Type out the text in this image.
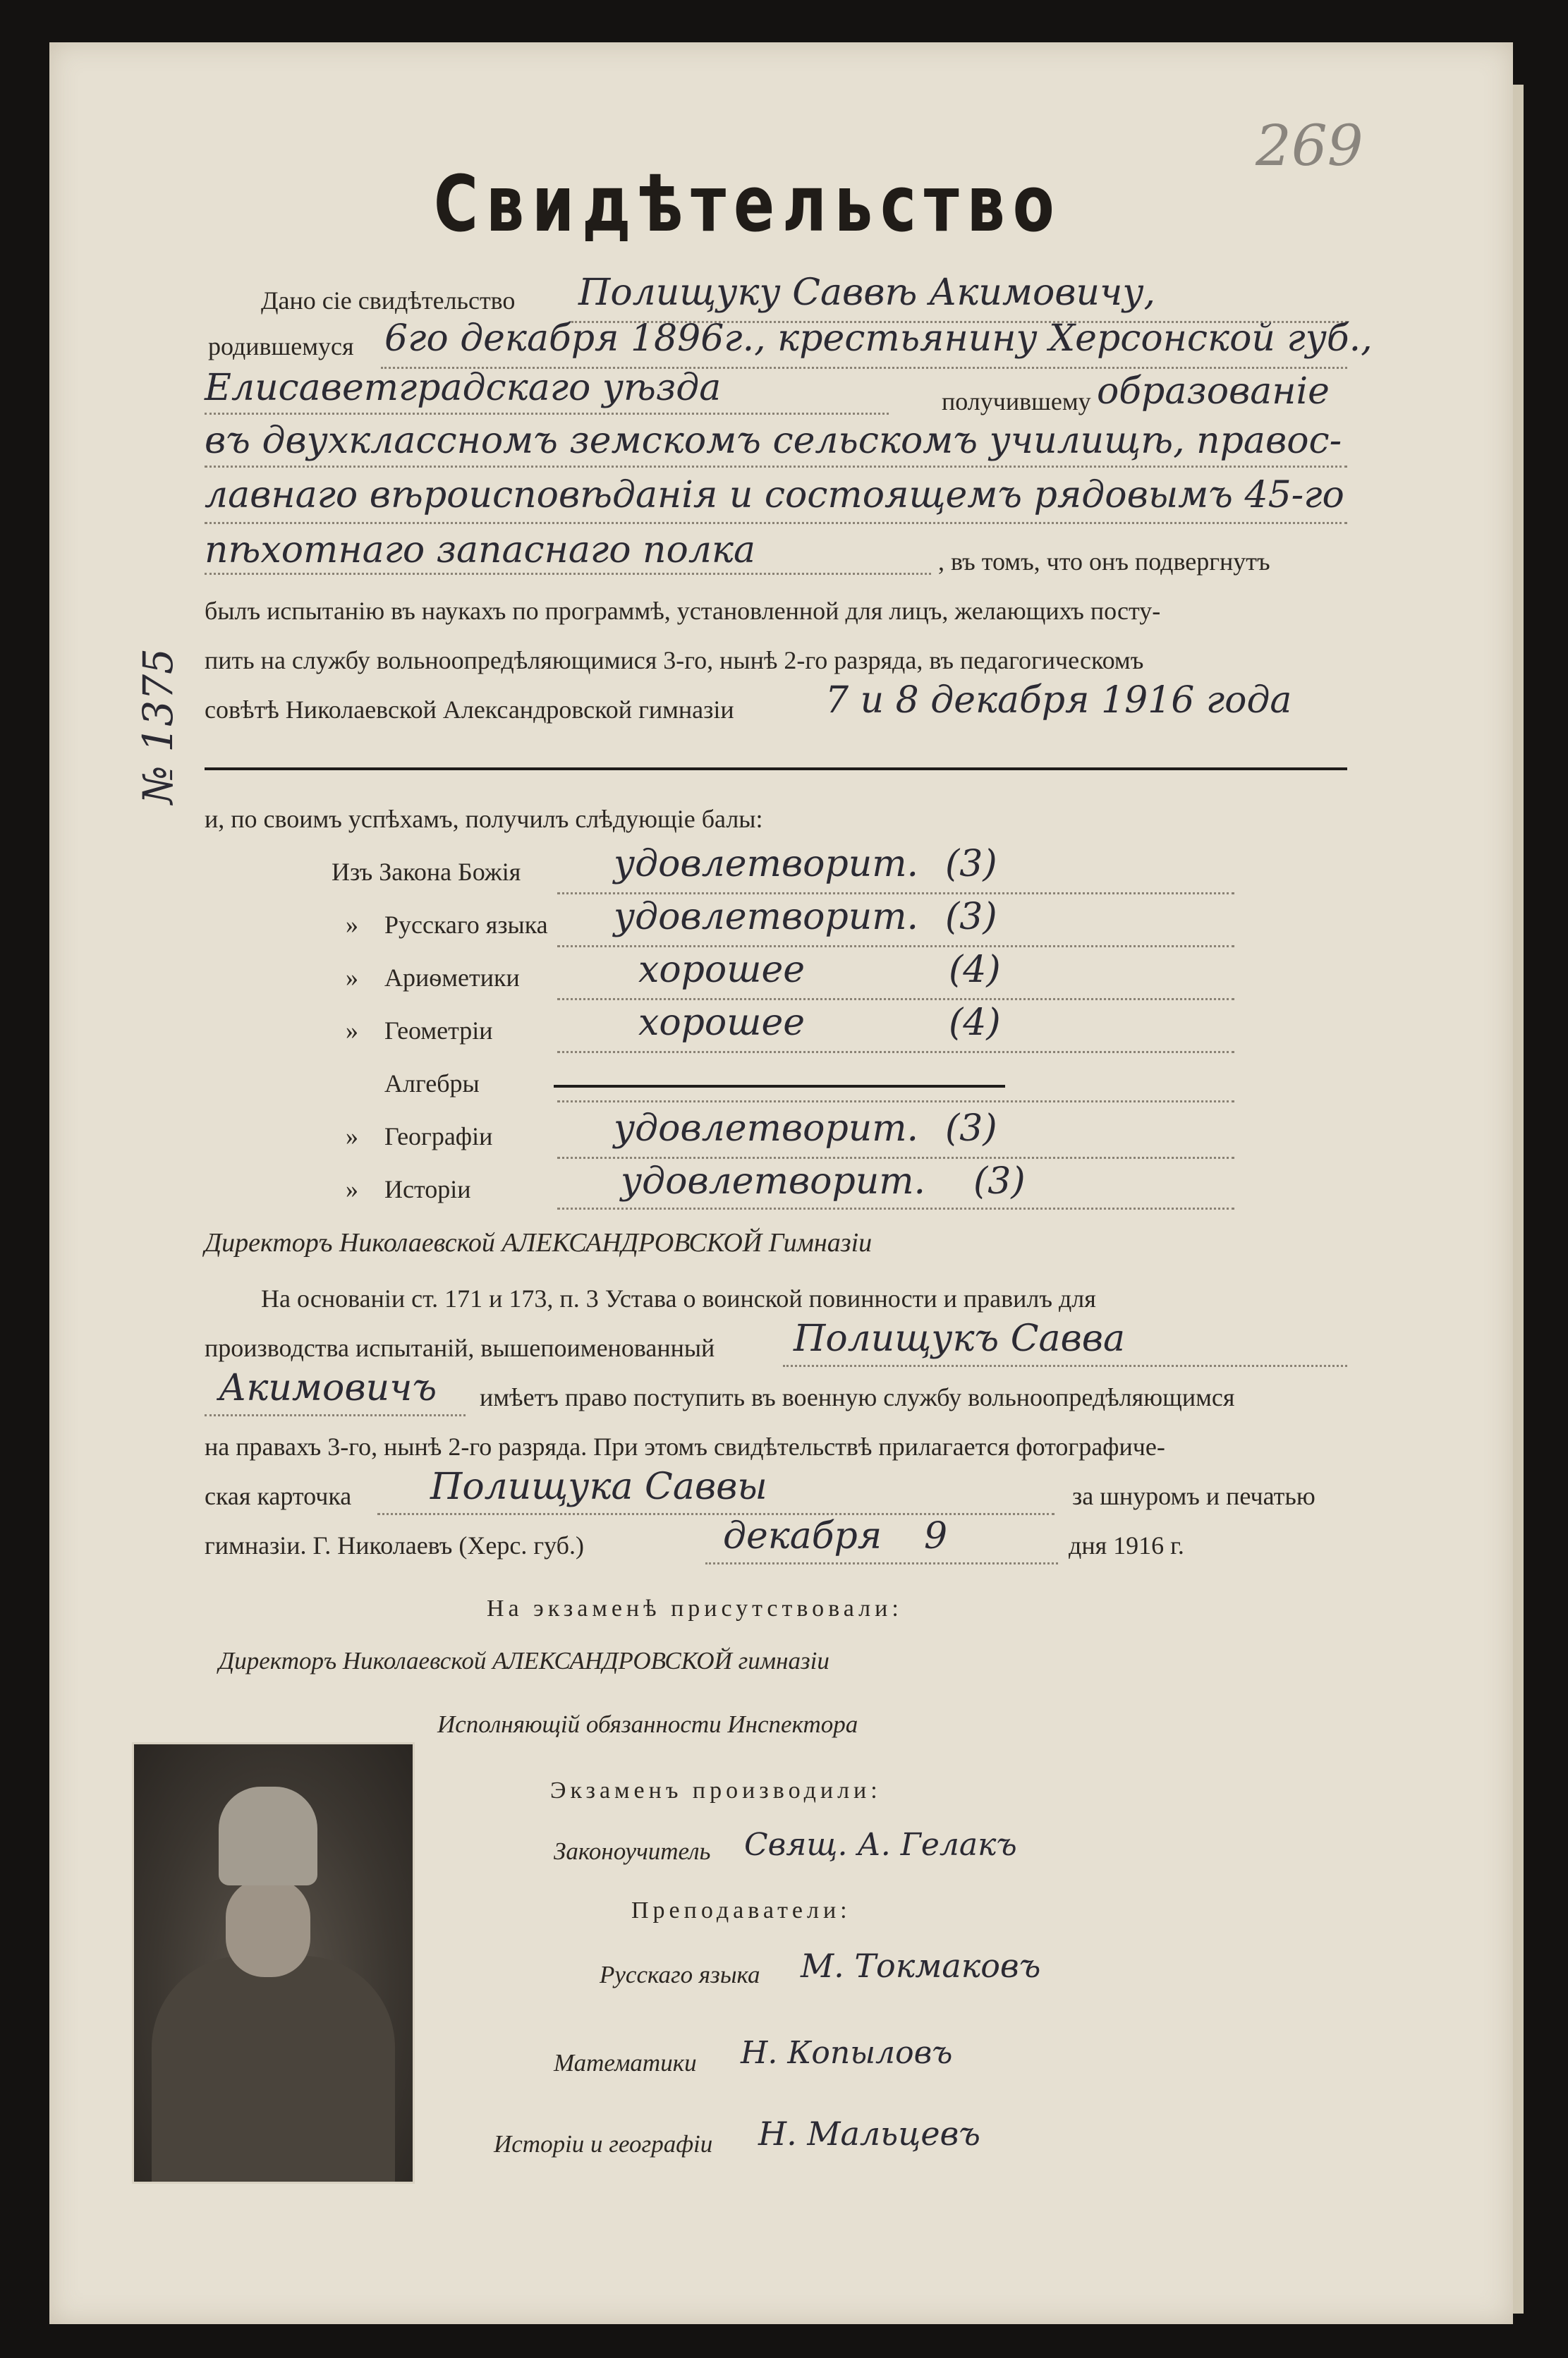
269
Свидѣтельство
№ 1375
Дано сіе свидѣтельство Полищуку Саввѣ Акимовичу,
родившемуся 6го декабря 1896г., крестьянину Херсонской губ.,
Елисаветградскаго уѣзда	получившему образованіе
въ двухклассномъ земскомъ сельскомъ училищѣ, правос-
лавнаго вѣроисповѣданія и состоящемъ рядовымъ 45-го
пѣхотнаго запаснаго полка	, въ томъ, что онъ подвергнутъ
былъ испытанію въ наукахъ по программѣ, установленной для лицъ, желающихъ посту-
пить на службу вольноопредѣляющимися 3-го, нынѣ 2-го разряда, въ педагогическомъ
совѣтѣ Николаевской Александровской гимназіи 7 и 8 декабря 1916 года
и, по своимъ успѣхамъ, получилъ слѣдующіе балы:
Изъ Закона Божія	удовлетворит. (3)
» Русскаго языка удовлетворит. (3)
» Ариѳметики	хорошее	(4)
» Геометріи	хорошее	(4)
Алгебры
» Географіи	удовлетворит. (3)
» Исторіи	удовлетворит. (3)
Директоръ Николаевской АЛЕКСАНДРОВСКОЙ Гимназіи
На основаніи ст. 171 и 173, п. 3 Устава о воинской повинности и правилъ для
производства испытаній, вышепоименованный Полищукъ Савва
Акимовичъ имѣетъ право поступить въ военную службу вольноопредѣляющимся
на правахъ 3-го, нынѣ 2-го разряда. При этомъ свидѣтельствѣ прилагается фотографиче-
ская карточка Полищука Саввы	за шнуромъ и печатью
гимназіи. Г. Николаевъ (Херс. губ.)	декабря 9	дня 1916 г.
На экзаменѣ присутствовали:
Директоръ Николаевской АЛЕКСАНДРОВСКОЙ гимназіи
Исполняющій обязанности Инспектора
Экзаменъ производили:
Законоучитель Свящ. А. Гелакъ
Преподаватели:
Русскаго языка М. Токмаковъ
Математики Н. Копыловъ
Исторіи и географіи Н. Мальцевъ
